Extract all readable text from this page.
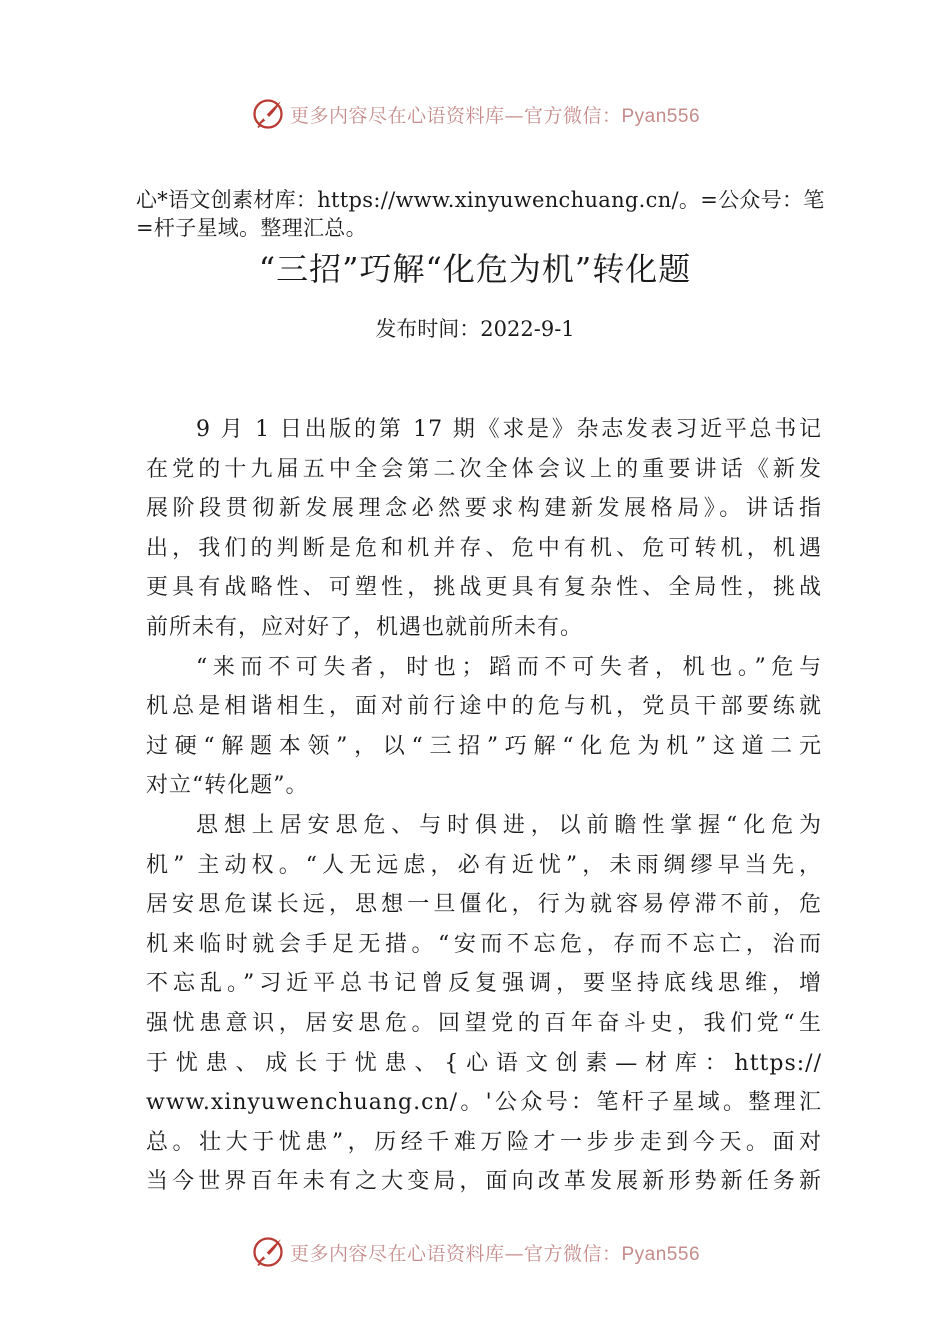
更多内容尽在心语资料库—官方微信：Pyan556
心*语文创素材库：https://www.xinyuwenchuang.cn/。=公众号：笔=杆子星域。整理汇总。
“三招”巧解“化危为机”转化题
发布时间：2022-9-1
9 月 1 日出版的第 17 期《求是》杂志发表习近平总书记
在党的十九届五中全会第二次全体会议上的重要讲话《新发
展阶段贯彻新发展理念必然要求构建新发展格局》。讲话指
出，我们的判断是危和机并存、危中有机、危可转机，机遇
更具有战略性、可塑性，挑战更具有复杂性、全局性，挑战
前所未有，应对好了，机遇也就前所未有。
“来而不可失者，时也；蹈而不可失者，机也。”危与
机总是相谐相生，面对前行途中的危与机，党员干部要练就
过硬“解题本领”，以“三招”巧解“化危为机”这道二元
对立“转化题”。
思想上居安思危、与时俱进，以前瞻性掌握“化危为
机” 主动权。“人无远虑，必有近忧”，未雨绸缪早当先，
居安思危谋长远，思想一旦僵化，行为就容易停滞不前，危
机来临时就会手足无措。“安而不忘危，存而不忘亡，治而
不忘乱。”习近平总书记曾反复强调，要坚持底线思维，增
强忧患意识，居安思危。回望党的百年奋斗史，我们党“生
于忧患、成长于忧患、{心语文创素—材库：https://
www.xinyuwenchuang.cn/。'公众号：笔杆子星域。整理汇
总。壮大于忧患”，历经千难万险才一步步走到今天。面对
当今世界百年未有之大变局，面向改革发展新形势新任务新
更多内容尽在心语资料库—官方微信：Pyan556
